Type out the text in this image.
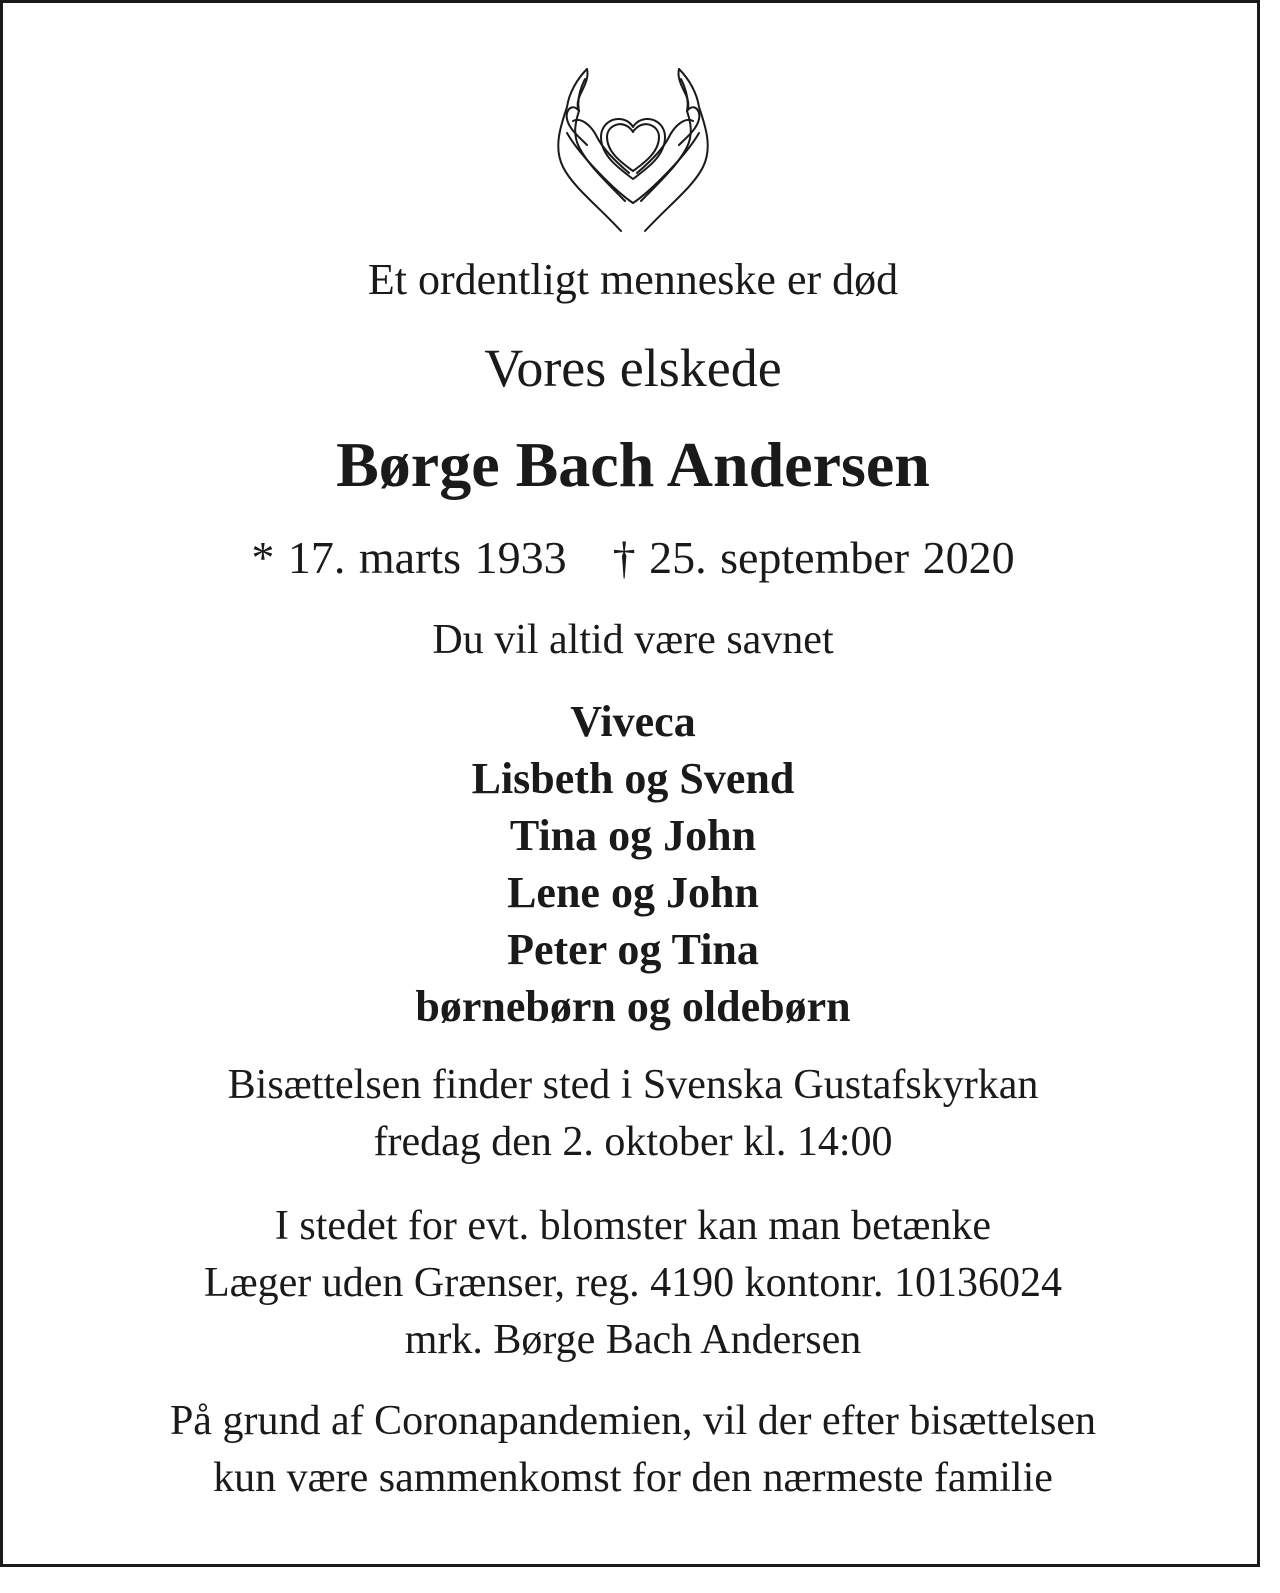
Et ordentligt menneske er død
Vores elskede
Børge Bach Andersen
* 17. marts 1933 † 25. september 2020
Du vil altid være savnet
Viveca
Lisbeth og Svend
Tina og John
Lene og John
Peter og Tina
børnebørn og oldebørn
Bisættelsen finder sted i Svenska Gustafskyrkan
fredag den 2. oktober kl. 14:00
I stedet for evt. blomster kan man betænke
Læger uden Grænser, reg. 4190 kontonr. 10136024
mrk. Børge Bach Andersen
På grund af Coronapandemien, vil der efter bisættelsen
kun være sammenkomst for den nærmeste familie
